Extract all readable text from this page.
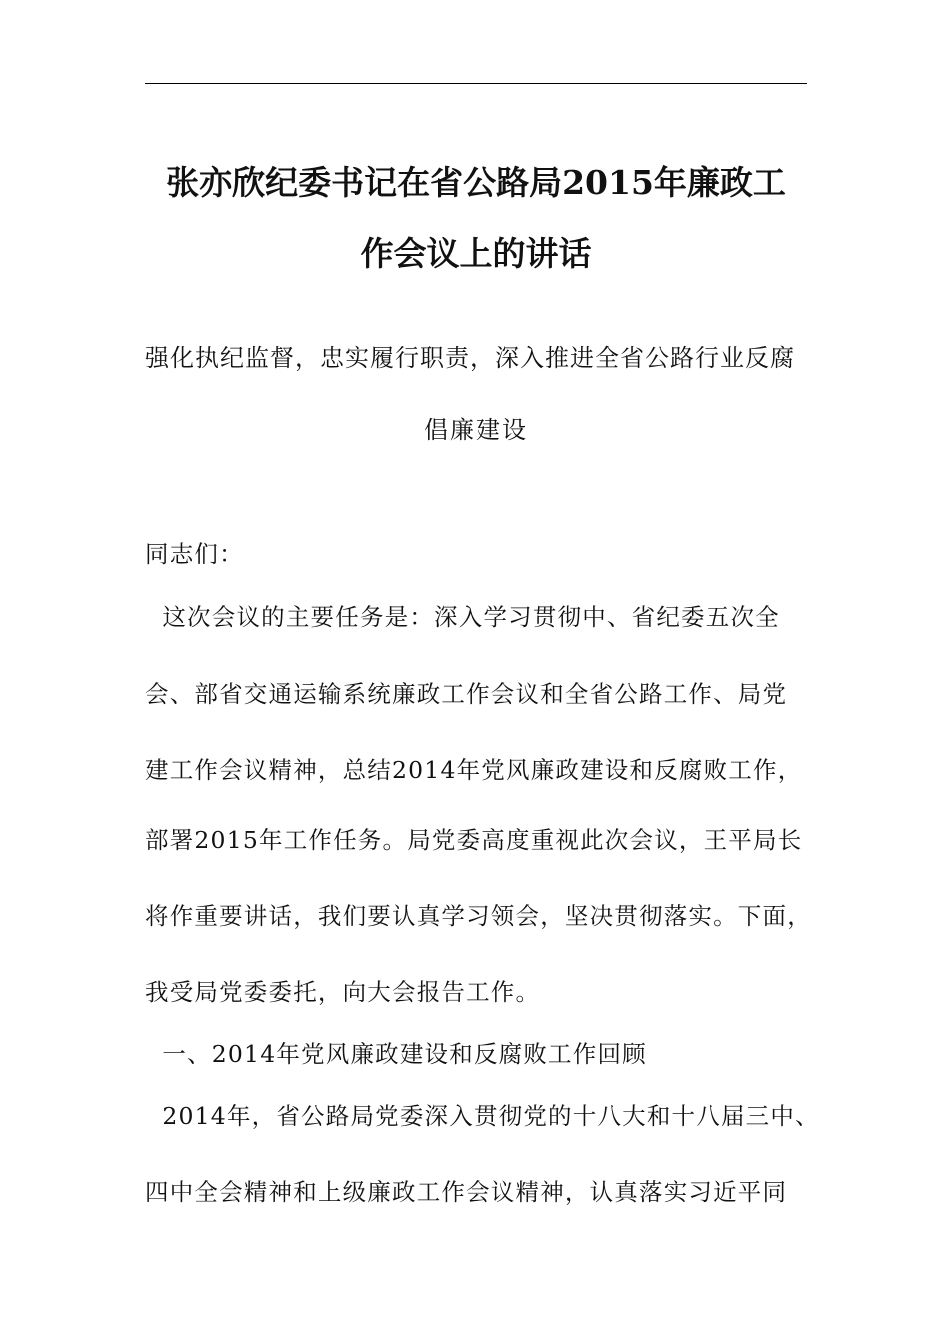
张亦欣纪委书记在省公路局2015年廉政工
作会议上的讲话
强化执纪监督，忠实履行职责，深入推进全省公路行业反腐
倡廉建设
同志们：
这次会议的主要任务是：深入学习贯彻中、省纪委五次全
会、部省交通运输系统廉政工作会议和全省公路工作、局党
建工作会议精神，总结2014年党风廉政建设和反腐败工作，
部署2015年工作任务。局党委高度重视此次会议，王平局长
将作重要讲话，我们要认真学习领会，坚决贯彻落实。下面，
我受局党委委托，向大会报告工作。
一、2014年党风廉政建设和反腐败工作回顾
2014年，省公路局党委深入贯彻党的十八大和十八届三中、
四中全会精神和上级廉政工作会议精神，认真落实习近平同
